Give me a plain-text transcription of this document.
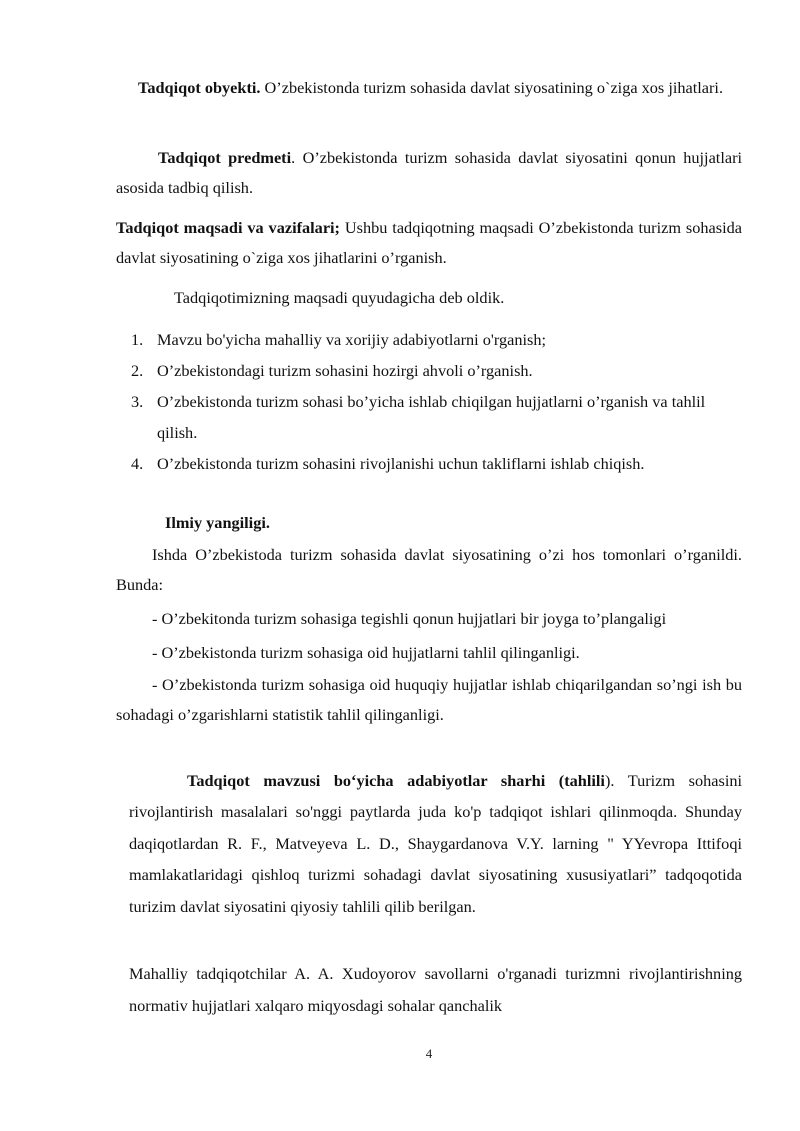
Tadqiqot obyekti. O’zbekistonda turizm sohasida davlat siyosatining o`ziga xos jihatlari.

Tadqiqot predmeti. O’zbekistonda turizm sohasida davlat siyosatini qonun hujjatlari asosida tadbiq qilish.

Tadqiqot maqsadi va vazifalari; Ushbu tadqiqotning maqsadi O’zbekistonda turizm sohasida davlat siyosatining o`ziga xos jihatlarini o’rganish.

Tadqiqotimizning maqsadi quyudagicha deb oldik.

1. Mavzu bo'yicha mahalliy va xorijiy adabiyotlarni o'rganish;
2. O’zbekistondagi turizm sohasini hozirgi ahvoli o’rganish.
3. O’zbekistonda turizm sohasi bo’yicha ishlab chiqilgan hujjatlarni o’rganish va tahlil qilish.
4. O’zbekistonda turizm sohasini rivojlanishi uchun takliflarni ishlab chiqish.

Ilmiy yangiligi.

Ishda O’zbekistoda turizm sohasida davlat siyosatining o’zi hos tomonlari o’rganildi. Bunda:

- O’zbekitonda turizm sohasiga tegishli qonun hujjatlari bir joyga to’plangaligi

- O’zbekistonda turizm sohasiga oid hujjatlarni tahlil qilinganligi.

- O’zbekistonda turizm sohasiga oid huquqiy hujjatlar ishlab chiqarilgandan so’ngi ish bu sohadagi o’zgarishlarni statistik tahlil qilinganligi.

Tadqiqot mavzusi bo‘yicha adabiyotlar sharhi (tahlili). Turizm sohasini rivojlantirish masalalari so'nggi paytlarda juda ko'p tadqiqot ishlari qilinmoqda. Shunday daqiqotlardan R. F., Matveyeva L. D., Shaygardanova V.Y. larning " YYevropa Ittifoqi mamlakatlaridagi qishloq turizmi sohadagi davlat siyosatining xususiyatlari” tadqoqotida turizim davlat siyosatini qiyosiy tahlili qilib berilgan.

Mahalliy tadqiqotchilar A. A. Xudoyorov savollarni o'rganadi turizmni rivojlantirishning normativ hujjatlari xalqaro miqyosdagi sohalar qanchalik

4
